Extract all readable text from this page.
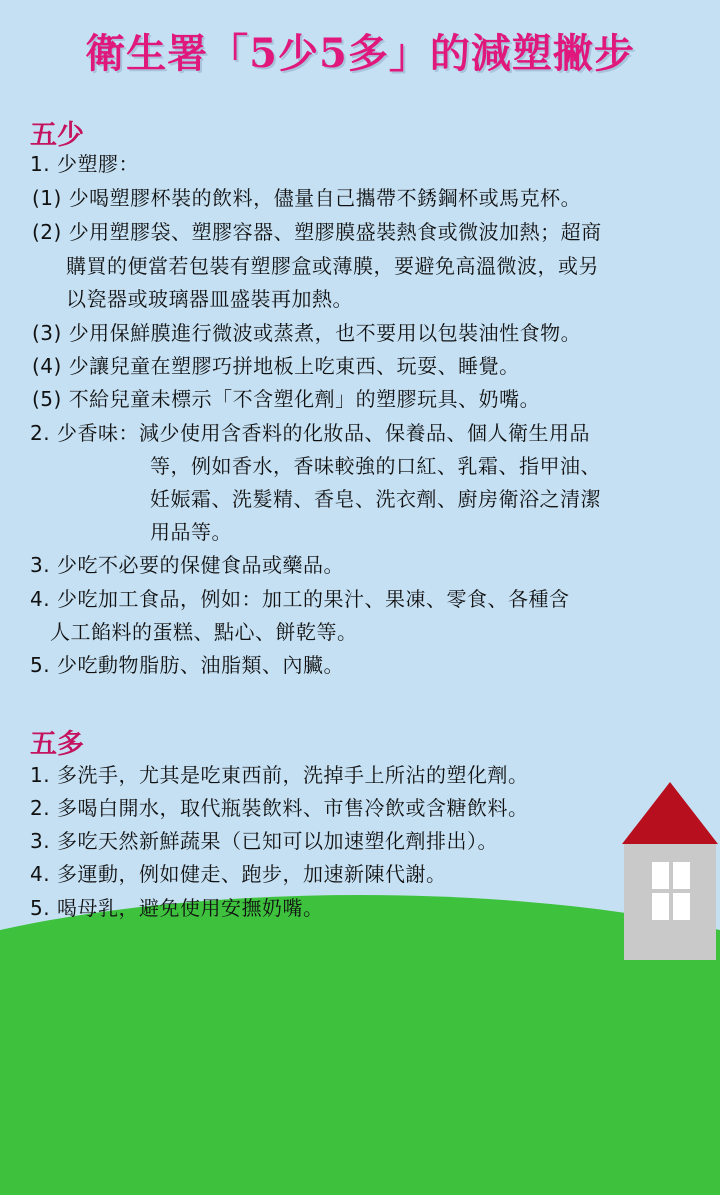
衛生署「5少5多」的減塑撇步
五少
1. 少塑膠：
(1) 少喝塑膠杯裝的飲料，儘量自己攜帶不銹鋼杯或馬克杯。
(2) 少用塑膠袋、塑膠容器、塑膠膜盛裝熱食或微波加熱；超商
購買的便當若包裝有塑膠盒或薄膜，要避免高溫微波，或另
以瓷器或玻璃器皿盛裝再加熱。
(3) 少用保鮮膜進行微波或蒸煮，也不要用以包裝油性食物。
(4) 少讓兒童在塑膠巧拼地板上吃東西、玩耍、睡覺。
(5) 不給兒童未標示「不含塑化劑」的塑膠玩具、奶嘴。
2. 少香味：減少使用含香料的化妝品、保養品、個人衛生用品
等，例如香水，香味較強的口紅、乳霜、指甲油、
妊娠霜、洗髮精、香皂、洗衣劑、廚房衛浴之清潔
用品等。
3. 少吃不必要的保健食品或藥品。
4. 少吃加工食品，例如：加工的果汁、果凍、零食、各種含
人工餡料的蛋糕、點心、餅乾等。
5. 少吃動物脂肪、油脂類、內臟。
五多
1. 多洗手，尤其是吃東西前，洗掉手上所沾的塑化劑。
2. 多喝白開水，取代瓶裝飲料、市售冷飲或含糖飲料。
3. 多吃天然新鮮蔬果（已知可以加速塑化劑排出）。
4. 多運動，例如健走、跑步，加速新陳代謝。
5. 喝母乳，避免使用安撫奶嘴。
